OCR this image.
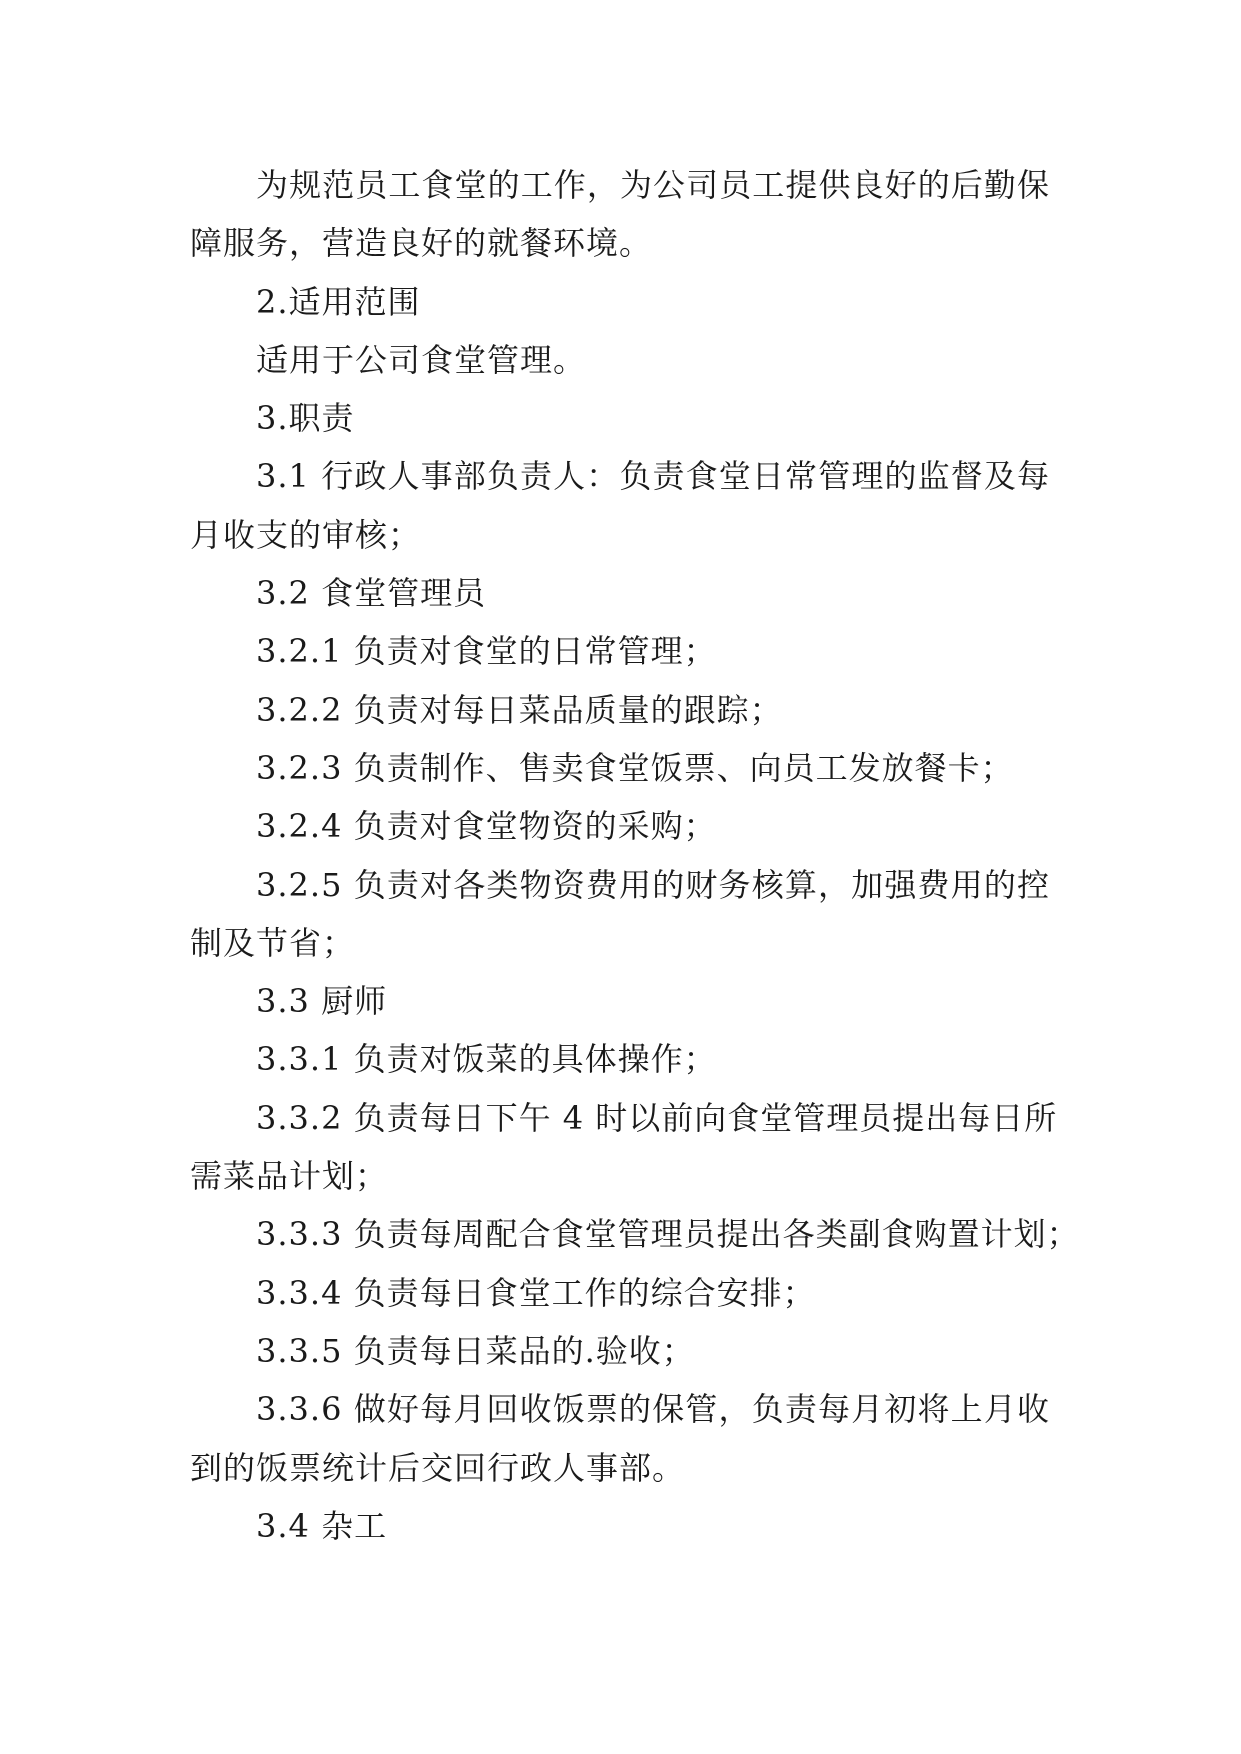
为规范员工食堂的工作，为公司员工提供良好的后勤保
障服务，营造良好的就餐环境。
2.适用范围
适用于公司食堂管理。
3.职责
3.1 行政人事部负责人：负责食堂日常管理的监督及每
月收支的审核；
3.2 食堂管理员
3.2.1 负责对食堂的日常管理；
3.2.2 负责对每日菜品质量的跟踪；
3.2.3 负责制作、售卖食堂饭票、向员工发放餐卡；
3.2.4 负责对食堂物资的采购；
3.2.5 负责对各类物资费用的财务核算，加强费用的控
制及节省；
3.3 厨师
3.3.1 负责对饭菜的具体操作；
3.3.2 负责每日下午 4 时以前向食堂管理员提出每日所
需菜品计划；
3.3.3 负责每周配合食堂管理员提出各类副食购置计划；
3.3.4 负责每日食堂工作的综合安排；
3.3.5 负责每日菜品的.验收；
3.3.6 做好每月回收饭票的保管，负责每月初将上月收
到的饭票统计后交回行政人事部。
3.4 杂工
